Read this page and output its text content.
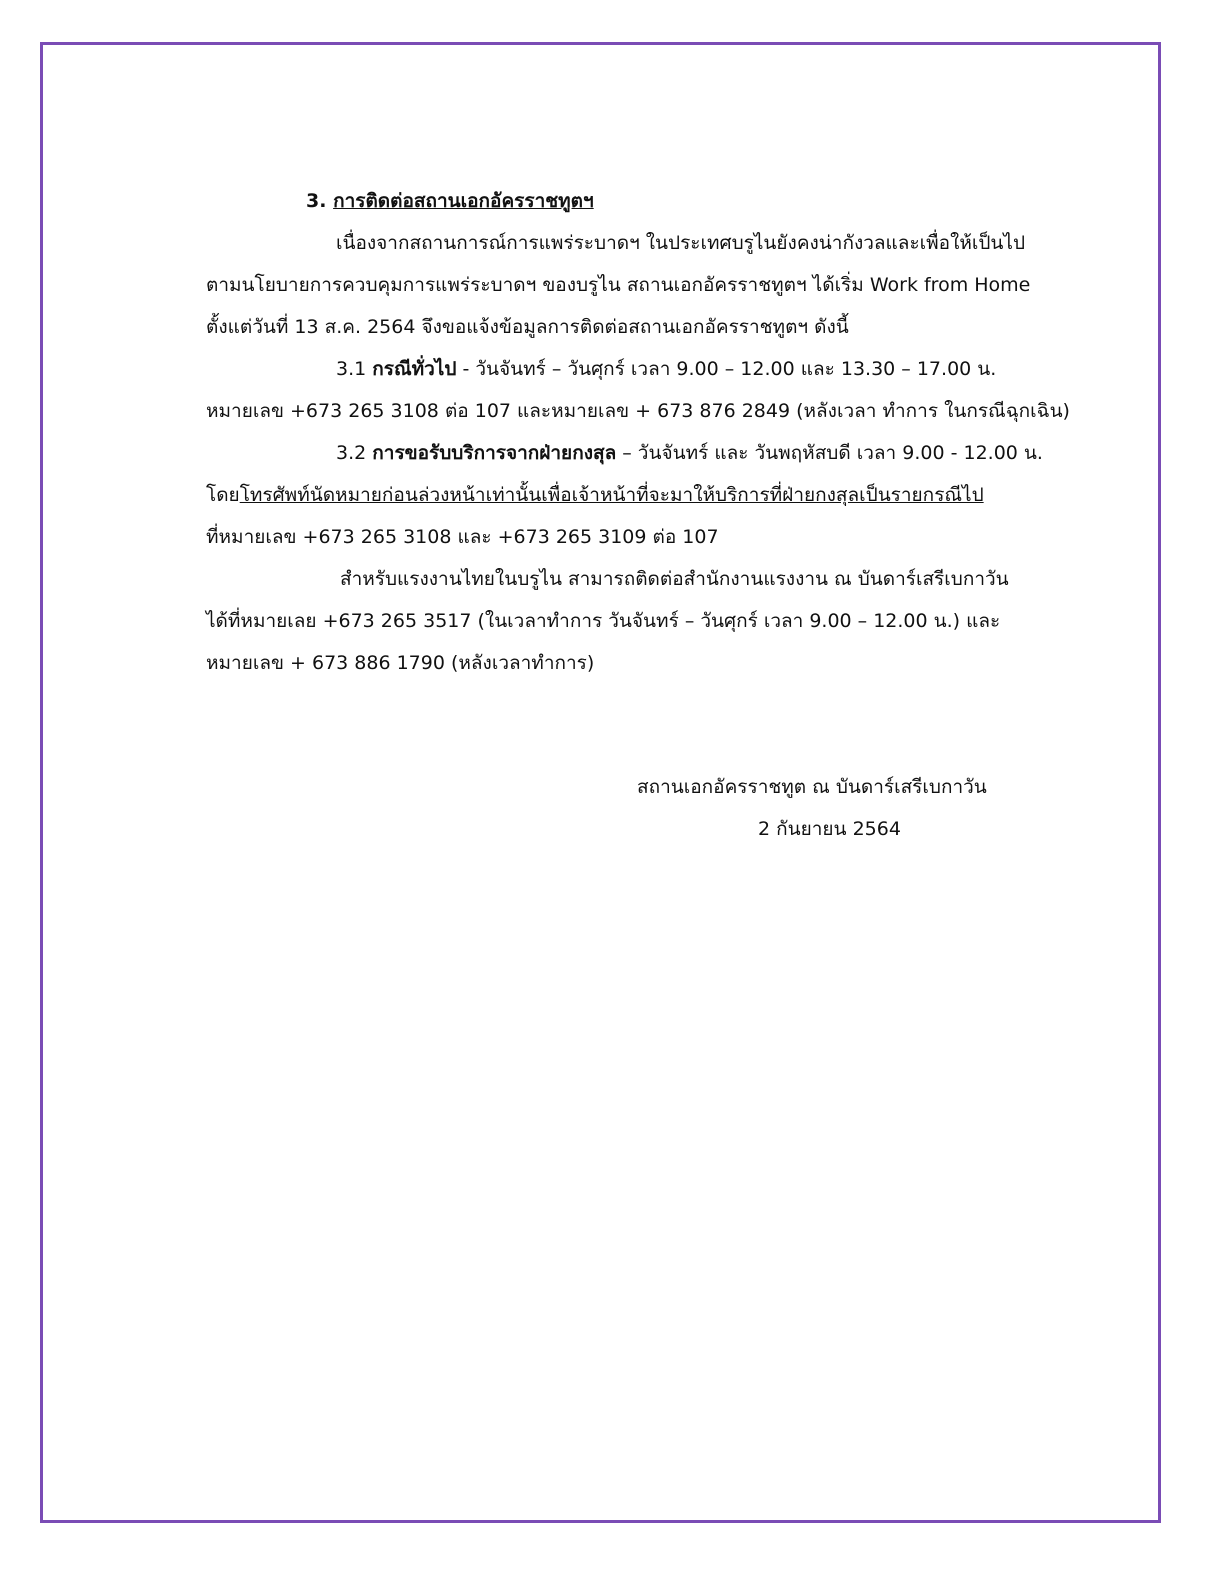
3. การติดต่อสถานเอกอัครราชทูตฯ
เนื่องจากสถานการณ์การแพร่ระบาดฯ ในประเทศบรูไนยังคงน่ากังวลและเพื่อให้เป็นไป
ตามนโยบายการควบคุมการแพร่ระบาดฯ ของบรูไน สถานเอกอัครราชทูตฯ ได้เริ่ม Work from Home
ตั้งแต่วันที่ 13 ส.ค. 2564 จึงขอแจ้งข้อมูลการติดต่อสถานเอกอัครราชทูตฯ ดังนี้
3.1 กรณีทั่วไป - วันจันทร์ – วันศุกร์ เวลา 9.00 – 12.00 และ 13.30 – 17.00 น.
หมายเลข +673 265 3108 ต่อ 107 และหมายเลข + 673 876 2849 (หลังเวลา ทำการ ในกรณีฉุกเฉิน)
3.2 การขอรับบริการจากฝ่ายกงสุล – วันจันทร์ และ วันพฤหัสบดี เวลา 9.00 - 12.00 น.
โดยโทรศัพท์นัดหมายก่อนล่วงหน้าเท่านั้นเพื่อเจ้าหน้าที่จะมาให้บริการที่ฝ่ายกงสุลเป็นรายกรณีไป
ที่หมายเลข +673 265 3108 และ +673 265 3109 ต่อ 107
สำหรับแรงงานไทยในบรูไน สามารถติดต่อสำนักงานแรงงาน ณ บันดาร์เสรีเบกาวัน
ได้ที่หมายเลย +673 265 3517 (ในเวลาทำการ วันจันทร์ – วันศุกร์ เวลา 9.00 – 12.00 น.) และ
หมายเลข + 673 886 1790 (หลังเวลาทำการ)
สถานเอกอัครราชทูต ณ บันดาร์เสรีเบกาวัน
2 กันยายน 2564
